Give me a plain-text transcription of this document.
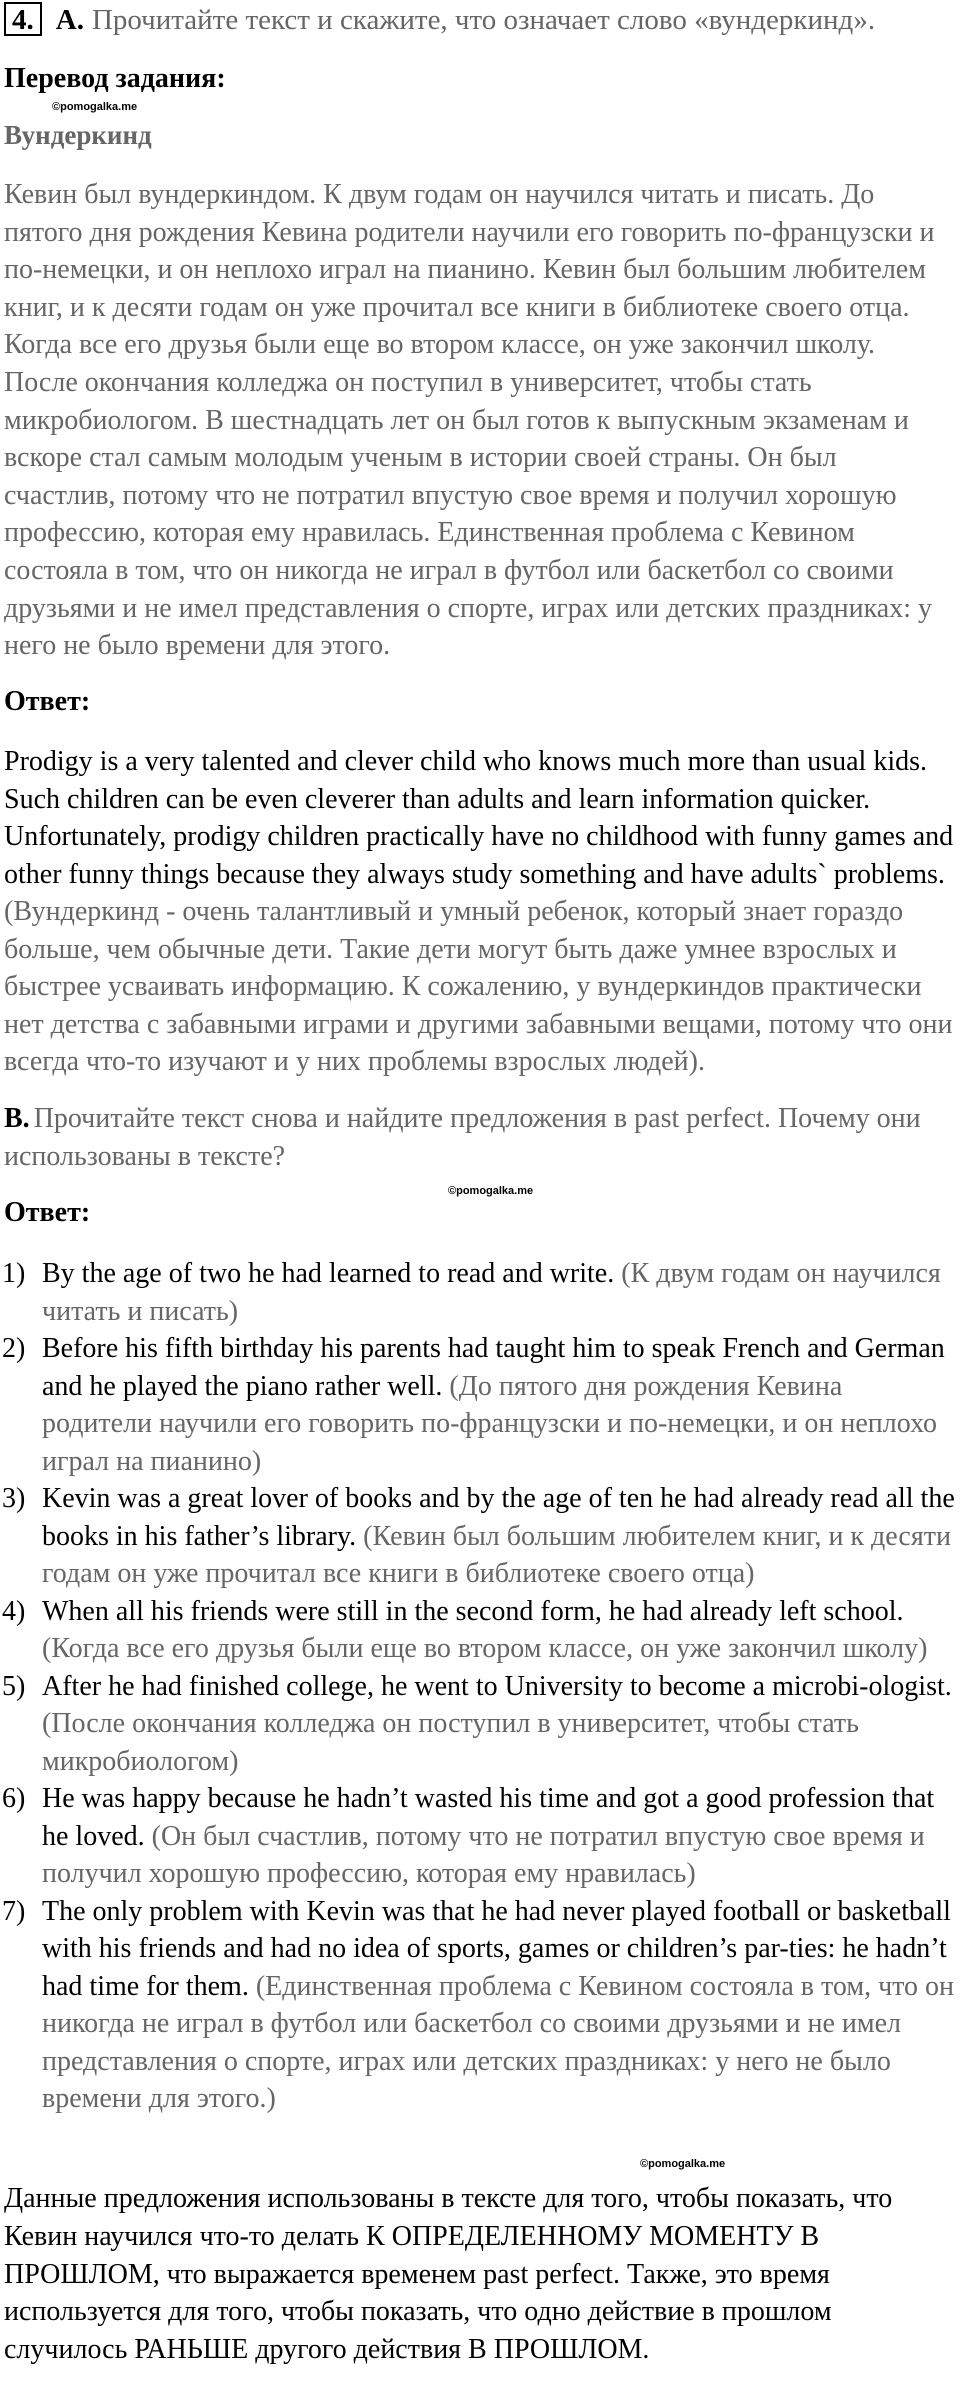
4. A. Прочитайте текст и скажите, что означает слово «вундеркинд».
Перевод задания:
©pomogalka.me
Вундеркинд
Кевин был вундеркиндом. К двум годам он научился читать и писать. До пятого дня рождения Кевина родители научили его говорить по-французски и по-немецки, и он неплохо играл на пианино. Кевин был большим любителем книг, и к десяти годам он уже прочитал все книги в библиотеке своего отца. Когда все его друзья были еще во втором классе, он уже закончил школу. После окончания колледжа он поступил в университет, чтобы стать микробиологом. В шестнадцать лет он был готов к выпускным экзаменам и вскоре стал самым молодым ученым в истории своей страны. Он был счастлив, потому что не потратил впустую свое время и получил хорошую профессию, которая ему нравилась. Единственная проблема с Кевином состояла в том, что он никогда не играл в футбол или баскетбол со своими друзьями и не имел представления о спорте, играх или детских праздниках: у него не было времени для этого.
Ответ:
Prodigy is a very talented and clever child who knows much more than usual kids. Such children can be even cleverer than adults and learn information quicker. Unfortunately, prodigy children practically have no childhood with funny games and other funny things because they always study something and have adults` problems. (Вундеркинд - очень талантливый и умный ребенок, который знает гораздо больше, чем обычные дети. Такие дети могут быть даже умнее взрослых и быстрее усваивать информацию. К сожалению, у вундеркиндов практически нет детства с забавными играми и другими забавными вещами, потому что они всегда что-то изучают и у них проблемы взрослых людей).
B. Прочитайте текст снова и найдите предложения в past perfect. Почему они использованы в тексте?
©pomogalka.me
Ответ:
1) By the age of two he had learned to read and write. (К двум годам он научился читать и писать)
2) Before his fifth birthday his parents had taught him to speak French and German and he played the piano rather well. (До пятого дня рождения Кевина родители научили его говорить по-французски и по-немецки, и он неплохо играл на пианино)
3) Kevin was a great lover of books and by the age of ten he had already read all the books in his father’s library. (Кевин был большим любителем книг, и к десяти годам он уже прочитал все книги в библиотеке своего отца)
4) When all his friends were still in the second form, he had already left school. (Когда все его друзья были еще во втором классе, он уже закончил школу)
5) After he had finished college, he went to University to become a microbi-ologist. (После окончания колледжа он поступил в университет, чтобы стать микробиологом)
6) He was happy because he hadn’t wasted his time and got a good profession that he loved. (Он был счастлив, потому что не потратил впустую свое время и получил хорошую профессию, которая ему нравилась)
7) The only problem with Kevin was that he had never played football or basketball with his friends and had no idea of sports, games or children’s par-ties: he hadn’t had time for them. (Единственная проблема с Кевином состояла в том, что он никогда не играл в футбол или баскетбол со своими друзьями и не имел представления о спорте, играх или детских праздниках: у него не было времени для этого.)
©pomogalka.me
Данные предложения использованы в тексте для того, чтобы показать, что Кевин научился что-то делать К ОПРЕДЕЛЕННОМУ МОМЕНТУ В ПРОШЛОМ, что выражается временем past perfect. Также, это время используется для того, чтобы показать, что одно действие в прошлом случилось РАНЬШЕ другого действия В ПРОШЛОМ.
